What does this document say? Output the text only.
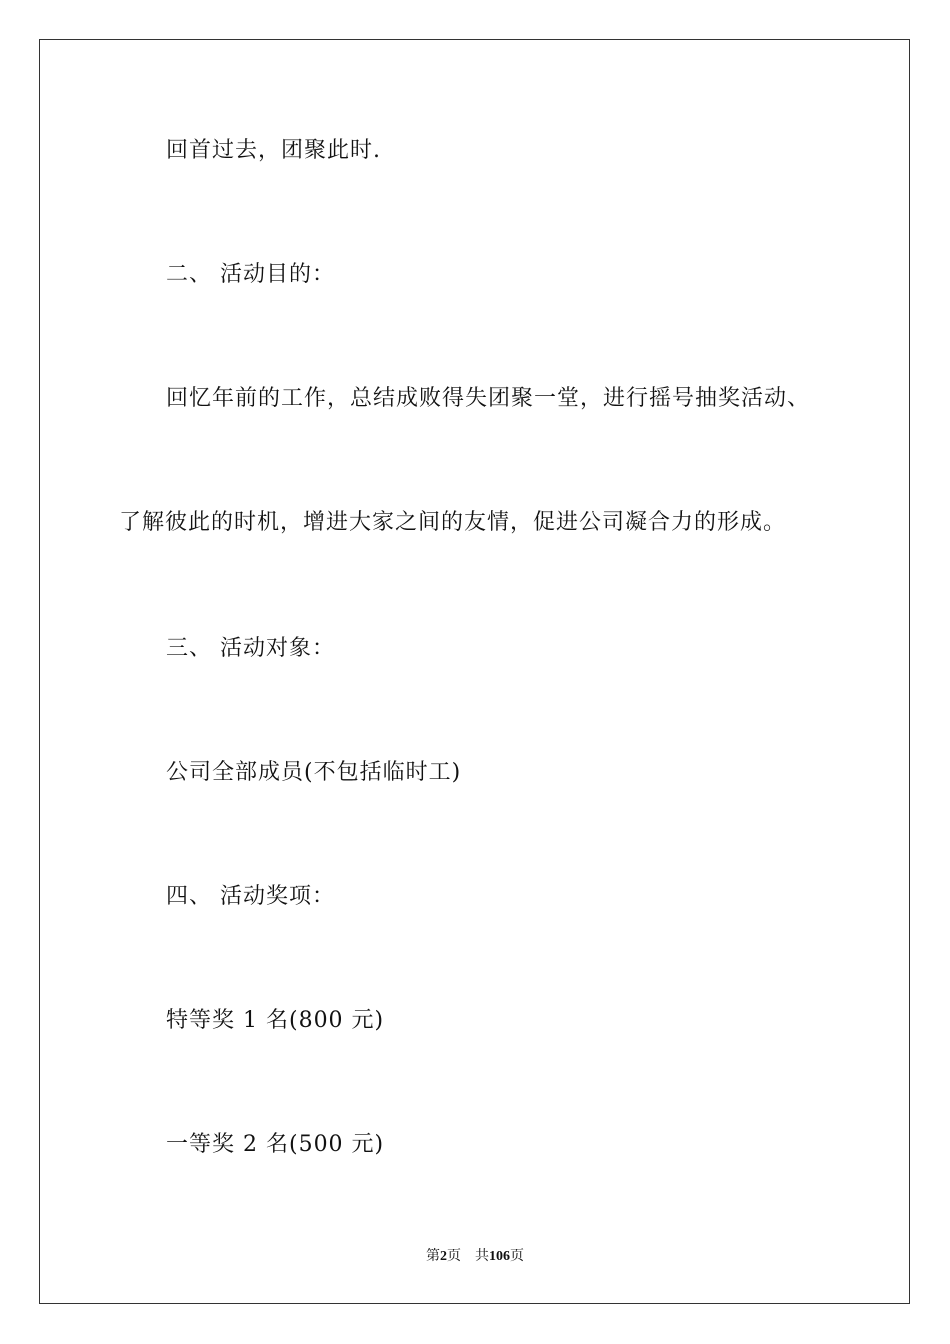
回首过去，团聚此时.
二、 活动目的：
回忆年前的工作，总结成败得失团聚一堂，进行摇号抽奖活动、
了解彼此的时机，增进大家之间的友情，促进公司凝合力的形成。
三、 活动对象：
公司全部成员(不包括临时工)
四、 活动奖项：
特等奖 1 名(800 元)
一等奖 2 名(500 元)
第2页 共106页
